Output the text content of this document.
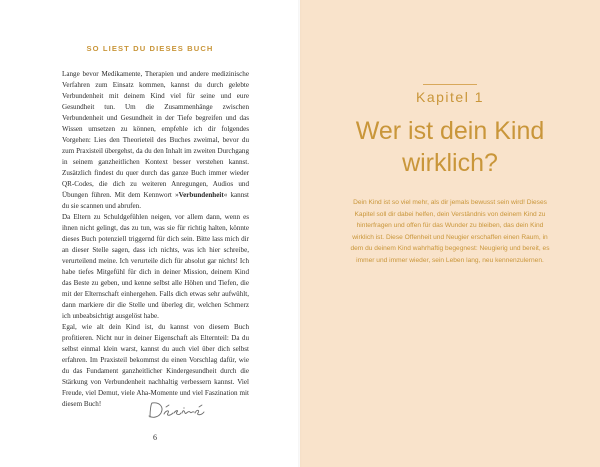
SO LIEST DU DIESES BUCH

Lange bevor Medikamente, Therapien und andere medizinische Verfahren zum Einsatz kommen, kannst du durch gelebte Verbundenheit mit deinem Kind viel für seine und eure Gesundheit tun. Um die Zusammenhänge zwischen Verbundenheit und Gesundheit in der Tiefe begreifen und das Wissen umsetzen zu können, empfehle ich dir folgendes Vorgehen: Lies den Theorieteil des Buches zweimal, bevor du zum Praxisteil übergehst, da du den Inhalt im zweiten Durchgang in seinem ganzheitlichen Kontext besser verstehen kannst. Zusätzlich findest du quer durch das ganze Buch immer wieder QR-Codes, die dich zu weiteren Anregungen, Audios und Übungen führen. Mit dem Kennwort »Verbundenheit« kannst du sie scannen und abrufen.

Da Eltern zu Schuldgefühlen neigen, vor allem dann, wenn es ihnen nicht gelingt, das zu tun, was sie für richtig halten, könnte dieses Buch potenziell triggernd für dich sein. Bitte lass mich dir an dieser Stelle sagen, dass ich nichts, was ich hier schreibe, verurteilend meine. Ich verurteile dich für absolut gar nichts! Ich habe tiefes Mitgefühl für dich in deiner Mission, deinem Kind das Beste zu geben, und kenne selbst alle Höhen und Tiefen, die mit der Elternschaft einhergehen. Falls dich etwas sehr aufwühlt, dann markiere dir die Stelle und überleg dir, welchen Schmerz ich unbeabsichtigt ausgelöst habe.

Egal, wie alt dein Kind ist, du kannst von diesem Buch profitieren. Nicht nur in deiner Eigenschaft als Elternteil: Da du selbst einmal klein warst, kannst du auch viel über dich selbst erfahren. Im Praxisteil bekommst du einen Vorschlag dafür, wie du das Fundament ganzheitlicher Kindergesundheit durch die Stärkung von Verbundenheit nachhaltig verbessern kannst. Viel Freude, viel Demut, viele Aha-Momente und viel Faszination mit diesem Buch!

6
Kapitel 1
Wer ist dein Kind wirklich?
Dein Kind ist so viel mehr, als dir jemals bewusst sein wird! Dieses Kapitel soll dir dabei helfen, dein Verständnis von deinem Kind zu hinterfragen und offen für das Wunder zu bleiben, das dein Kind wirklich ist. Diese Offenheit und Neugier erschaffen einen Raum, in dem du deinem Kind wahrhaftig begegnest: Neugierig und bereit, es immer und immer wieder, sein Leben lang, neu kennenzulernen.
